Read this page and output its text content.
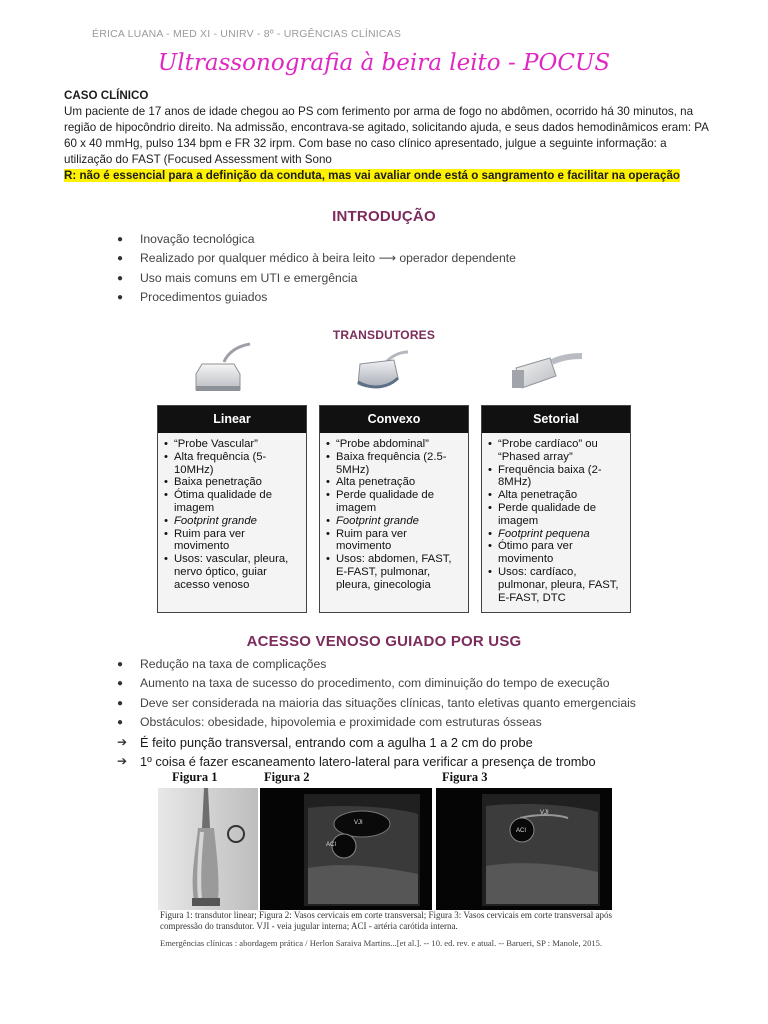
ÉRICA LUANA - MED XI - UNIRV - 8º - URGÊNCIAS CLÍNICAS
Ultrassonografia à beira leito - POCUS
CASO CLÍNICO
Um paciente de 17 anos de idade chegou ao PS com ferimento por arma de fogo no abdômen, ocorrido há 30 minutos, na região de hipocôndrio direito. Na admissão, encontrava-se agitado, solicitando ajuda, e seus dados hemodinâmicos eram: PA 60 x 40 mmHg, pulso 134 bpm e FR 32 irpm. Com base no caso clínico apresentado, julgue a seguinte informação: a utilização do FAST (Focused Assessment with Sono
R: não é essencial para a definição da conduta, mas vai avaliar onde está o sangramento e facilitar na operação
INTRODUÇÃO
● Inovação tecnológica
● Realizado por qualquer médico à beira leito ⟶ operador dependente
● Uso mais comuns em UTI e emergência
● Procedimentos guiados
TRANSDUTORES
Linear
• “Probe Vascular”
• Alta frequência (5-10MHz)
• Baixa penetração
• Ótima qualidade de imagem
• Footprint grande
• Ruim para ver movimento
• Usos: vascular, pleura, nervo óptico, guiar acesso venoso
Convexo
• “Probe abdominal”
• Baixa frequência (2.5-5MHz)
• Alta penetração
• Perde qualidade de imagem
• Footprint grande
• Ruim para ver movimento
• Usos: abdomen, FAST, E-FAST, pulmonar, pleura, ginecologia
Setorial
• “Probe cardíaco” ou “Phased array”
• Frequência baixa (2-8MHz)
• Alta penetração
• Perde qualidade de imagem
• Footprint pequena
• Ótimo para ver movimento
• Usos: cardíaco, pulmonar, pleura, FAST, E-FAST, DTC
ACESSO VENOSO GUIADO POR USG
● Redução na taxa de complicações
● Aumento na taxa de sucesso do procedimento, com diminuição do tempo de execução
● Deve ser considerada na maioria das situações clínicas, tanto eletivas quanto emergenciais
● Obstáculos: obesidade, hipovolemia e proximidade com estruturas ósseas
➔ É feito punção transversal, entrando com a agulha 1 a 2 cm do probe
➔ 1º coisa é fazer escaneamento latero-lateral para verificar a presença de trombo
Figura 1	Figura 2	Figura 3
VJI
ACI
VJI
ACI
Figura 1: transdutor linear; Figura 2: Vasos cervicais em corte transversal; Figura 3: Vasos cervicais em corte transversal após compressão do transdutor. VJI - veia jugular interna; ACI - artéria carótida interna.
Emergências clínicas : abordagem prática / Herlon Saraiva Martins...[et al.]. -- 10. ed. rev. e atual. -- Barueri, SP : Manole, 2015.
